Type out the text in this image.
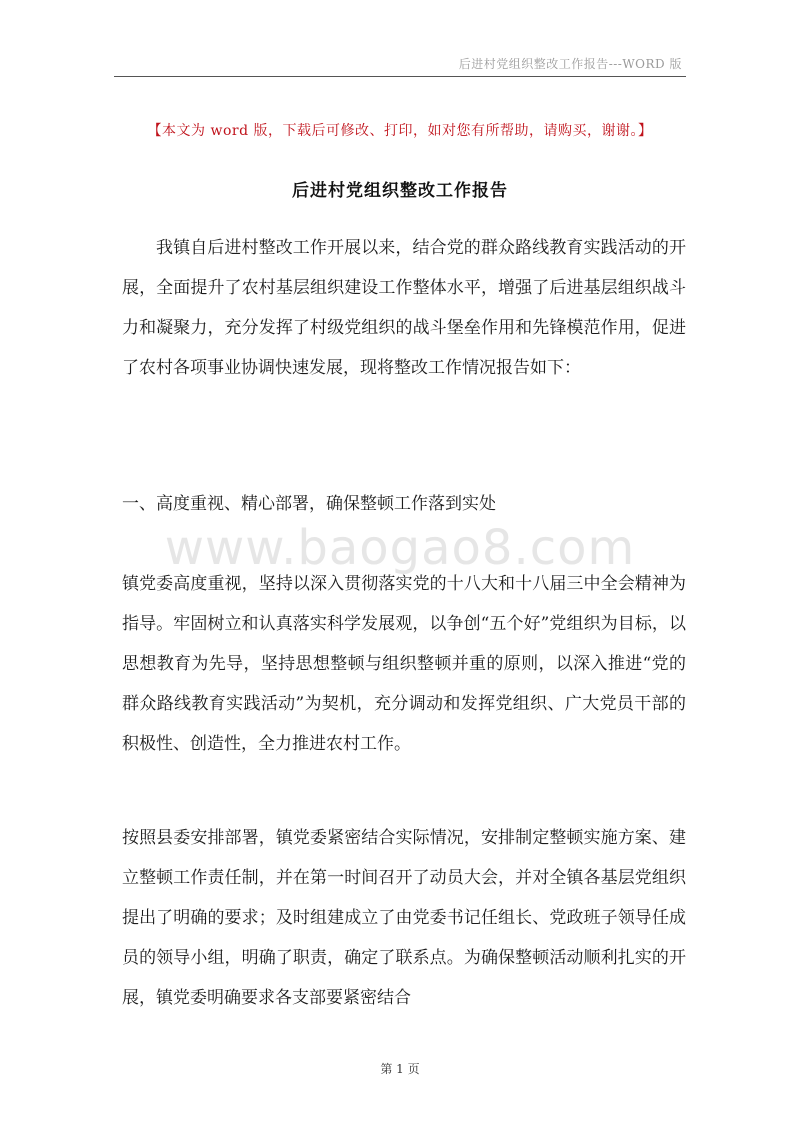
后进村党组织整改工作报告---WORD 版
【本文为 word 版，下载后可修改、打印，如对您有所帮助，请购买，谢谢。】
后进村党组织整改工作报告
www.baogao8.com

我镇自后进村整改工作开展以来，结合党的群众路线教育实践活动的开展，全面提升了农村基层组织建设工作整体水平，增强了后进基层组织战斗力和凝聚力，充分发挥了村级党组织的战斗堡垒作用和先锋模范作用，促进了农村各项事业协调快速发展，现将整改工作情况报告如下：

一、高度重视、精心部署，确保整顿工作落到实处

镇党委高度重视，坚持以深入贯彻落实党的十八大和十八届三中全会精神为指导。牢固树立和认真落实科学发展观，以争创“五个好”党组织为目标，以思想教育为先导，坚持思想整顿与组织整顿并重的原则，以深入推进“党的群众路线教育实践活动”为契机，充分调动和发挥党组织、广大党员干部的积极性、创造性，全力推进农村工作。

按照县委安排部署，镇党委紧密结合实际情况，安排制定整顿实施方案、建立整顿工作责任制，并在第一时间召开了动员大会，并对全镇各基层党组织提出了明确的要求；及时组建成立了由党委书记任组长、党政班子领导任成员的领导小组，明确了职责，确定了联系点。为确保整顿活动顺利扎实的开展，镇党委明确要求各支部要紧密结合

第 1 页
